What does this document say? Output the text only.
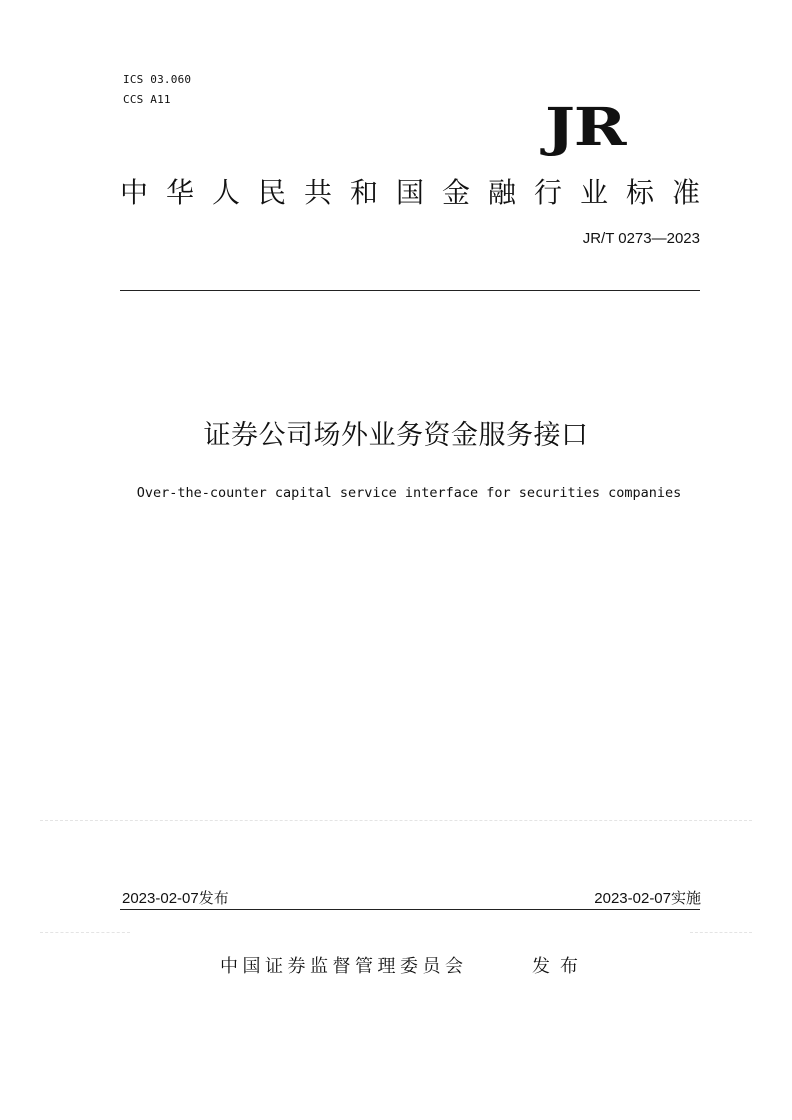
ICS 03.060
CCS A11	JR
中华人民共和国金融行业标准
JR/T 0273—2023
证券公司场外业务资金服务接口
Over-the-counter capital service interface for securities companies
2023-02-07发布	2023-02-07实施
中国证券监督管理委员会	发布
